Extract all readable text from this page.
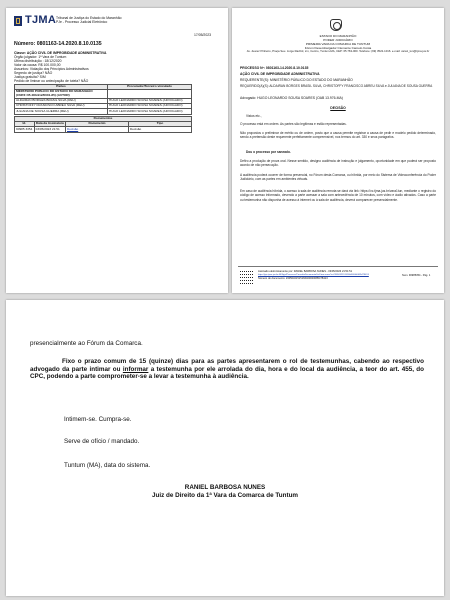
TJMA Tribunal de Justiça do Estado do Maranhão
PJe - Processo Judicial Eletrônico
17/05/2023
Número: 0801163-14.2020.8.10.0135
Classe: AÇÃO CIVIL DE IMPROBIDADE ADMINISTRATIVA
Órgão julgador: 1ª Vara de Tuntum
Última distribuição : 18/12/2020
Valor da causa: R$ 100.000,00
Assuntos: Violação dos Princípios Administrativos
Segredo de justiça? NÃO
Justiça gratuita? SIM
Pedido de liminar ou antecipação de tutela? NÃO
Partes	Procurador/Terceiro vinculado
MINISTERIO PUBLICO DO ESTADO DO MARANHÃO (CNPJ=05.483.912/0001-85) (AUTOR)	
ALDAIRAN BORGES BRASIL SILVA (REU)	HUGO LEONARDO SOUSA SOARES (ADVOGADO)
CHRISTOFFY FRANCISCO ABREU SILVA (REU)	HUGO LEONARDO SOUSA SOARES (ADVOGADO)
JULIANA DE SOUSA GUERRA (REU)	HUGO LEONARDO SOUSA SOARES (ADVOGADO)
Documentos			
Id.	Data da Assinatura	Documento	Tipo
90985 3354	03/05/2023 21:51	Decisão	Decisão
ESTADO DO MARANHÃO
PODER JUDICIÁRIO
PRIMEIRA VARA DA COMARCA DE TUNTUM
Fórum Desembargador Clemente Camelo Costa
Av. Juarez Pinheiro, Praça Seu. Jorge Rachid, s/n, Centro, Tuntum-MA, CEP: 65.763-000. Telefone: (99) 3522-1016. e-mail: vara1_tun@tjma.jus.br
PROCESSO Nº: 0801163-14.2020.8.10.0135
AÇÃO CIVIL DE IMPROBIDADE ADMINISTRATIVA
REQUERENTE(S): MINISTÉRIO PÚBLICO DO ESTADO DO MARANHÃO
REQUERIDO(A)(S): ALDAIRAN BORGES BRASIL SILVA, CHRISTOFFY FRANCISCO ABREU SILVA e JULIANA DE SOUSA GUERRA
Advogado: HUGO LEONARDO SOUSA SOARES (OAB 13.976-MA)
DECISÃO
Vistos etc.,
O processo está em ordem. As partes são legítimas e estão representadas.
Não propostos o preliminar de mérito ou de ordem, posto que a causa permite registrar a causa de pedir e modelo pedido determinado, sendo a pretensão deste requerente perfeitamente compreensível, nos termos do art. 330 e seus parágrafos.
Dou o processo por saneado.
Defiro a produção de prova oral. Nesse sentido, designo audiência de instrução e julgamento, oportunidade em que poderá ser proposto acordo de não persecução.
A audiência poderá ocorrer de forma presencial, no Fórum desta Comarca, ou híbrida, por meio do Sistema de Videoconferência do Poder Judiciário, com as partes em ambientes virtuais.
Em caso de audiência híbrida, o acesso à sala de audiência remota se dará via link: https://vc.tjma.jus.br/vara1tun, mediante o registro do código de acesso informado, devendo a parte acessar a sala com antecedência de 10 minutos, com vídeo e áudio ativados. Caso a parte ou testemunha não disponha de acesso à internet ou à sala de audiência, deverá comparecer presencialmente.
Assinado eletronicamente por: RANIEL BARBOSA NUNES - 03/05/2023 21:51:51
https://pje.tjma.jus.br:443/pje/Processo/ConsultaDocumento/listView.seam?x=23050321515166400000085478413
Número do documento: 23050321515166400000085478413
Num. 90985354 - Pág. 1
presencialmente ao Fórum da Comarca.
Fixo o prazo comum de 15 (quinze) dias para as partes apresentarem o rol de testemunhas, cabendo ao respectivo advogado da parte intimar ou informar a testemunha por ele arrolada do dia, hora e do local da audiência, a teor do art. 455, do CPC, podendo a parte comprometer-se a levar a testemunha à audiência.
Intimem-se. Cumpra-se.
Serve de ofício / mandado.
Tuntum (MA), data do sistema.
RANIEL BARBOSA NUNES
Juiz de Direito da 1ª Vara da Comarca de Tuntum
